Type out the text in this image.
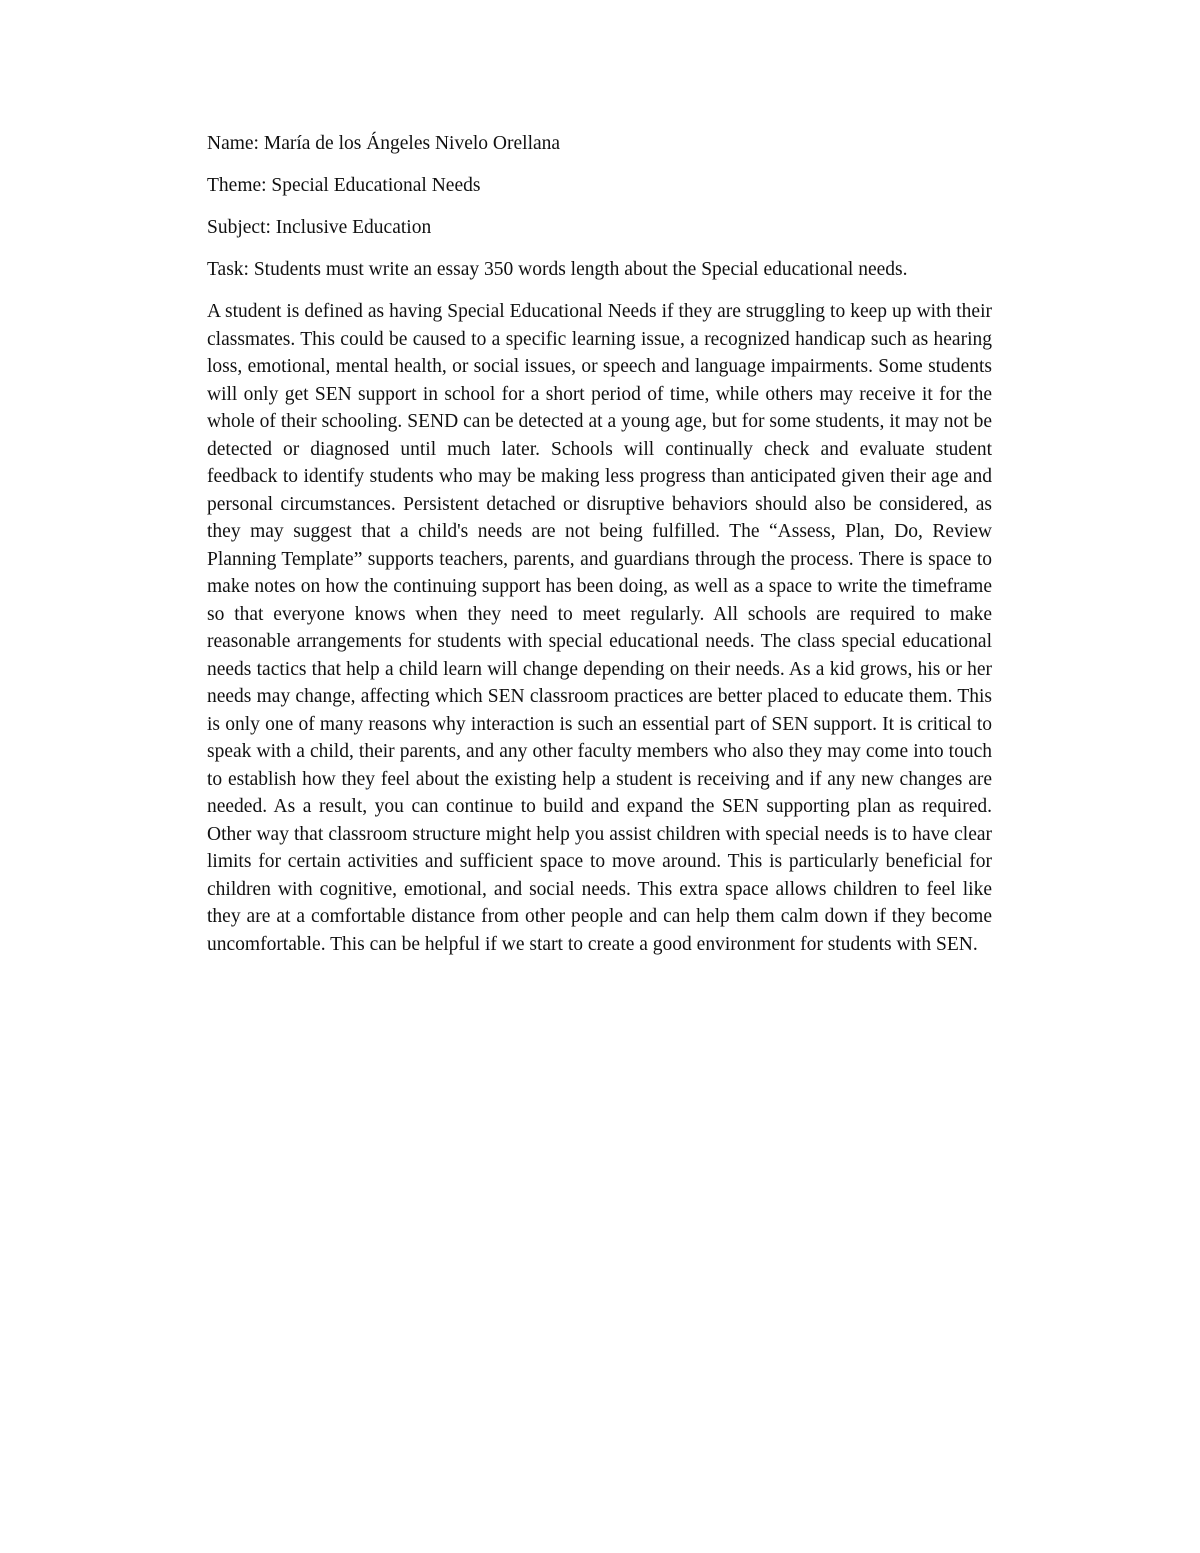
Name: María de los Ángeles Nivelo Orellana

Theme: Special Educational Needs

Subject: Inclusive Education

Task: Students must write an essay 350 words length about the Special educational needs.

A student is defined as having Special Educational Needs if they are struggling to keep up with their classmates. This could be caused to a specific learning issue, a recognized handicap such as hearing loss, emotional, mental health, or social issues, or speech and language impairments. Some students will only get SEN support in school for a short period of time, while others may receive it for the whole of their schooling. SEND can be detected at a young age, but for some students, it may not be detected or diagnosed until much later. Schools will continually check and evaluate student feedback to identify students who may be making less progress than anticipated given their age and personal circumstances. Persistent detached or disruptive behaviors should also be considered, as they may suggest that a child's needs are not being fulfilled. The “Assess, Plan, Do, Review Planning Template” supports teachers, parents, and guardians through the process. There is space to make notes on how the continuing support has been doing, as well as a space to write the timeframe so that everyone knows when they need to meet regularly. All schools are required to make reasonable arrangements for students with special educational needs. The class special educational needs tactics that help a child learn will change depending on their needs. As a kid grows, his or her needs may change, affecting which SEN classroom practices are better placed to educate them. This is only one of many reasons why interaction is such an essential part of SEN support. It is critical to speak with a child, their parents, and any other faculty members who also they may come into touch to establish how they feel about the existing help a student is receiving and if any new changes are needed. As a result, you can continue to build and expand the SEN supporting plan as required. Other way that classroom structure might help you assist children with special needs is to have clear limits for certain activities and sufficient space to move around. This is particularly beneficial for children with cognitive, emotional, and social needs. This extra space allows children to feel like they are at a comfortable distance from other people and can help them calm down if they become uncomfortable. This can be helpful if we start to create a good environment for students with SEN.
